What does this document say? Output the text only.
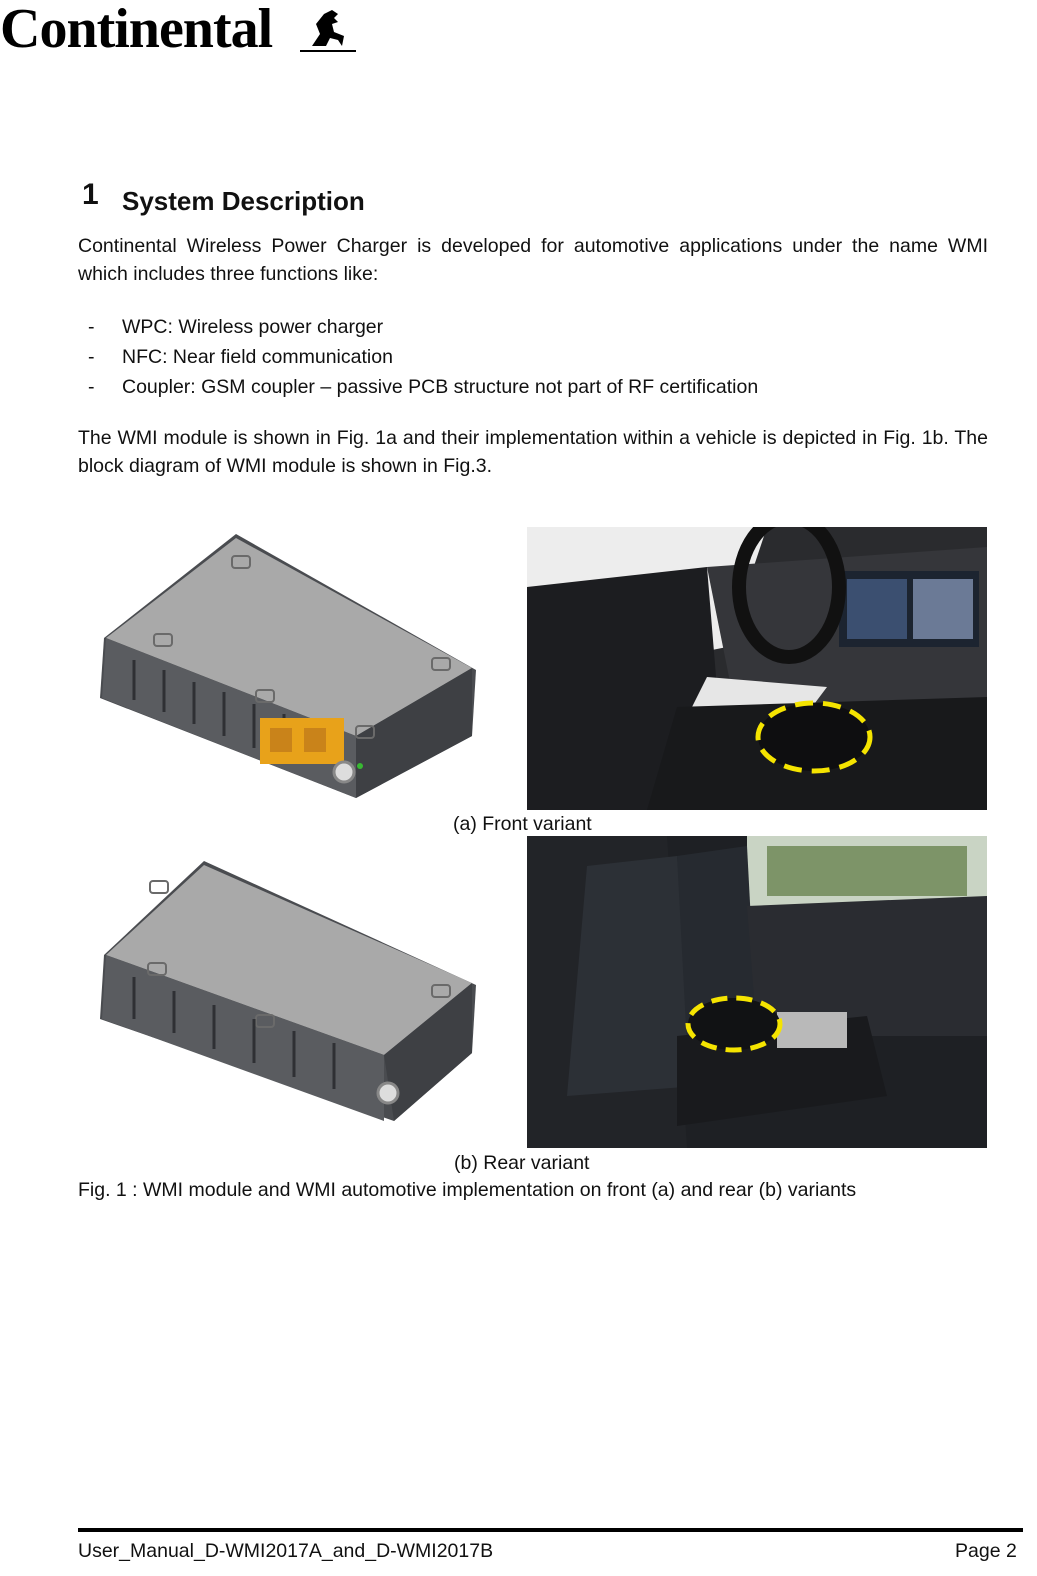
Continental
1 System Description
Continental Wireless Power Charger is developed for automotive applications under the name WMI which includes three functions like:
- WPC: Wireless power charger
- NFC: Near field communication
- Coupler: GSM coupler – passive PCB structure not part of RF certification
The WMI module is shown in Fig. 1a and their implementation within a vehicle is depicted in Fig. 1b. The block diagram of WMI module is shown in Fig.3.
(a) Front variant
(b) Rear variant
Fig. 1 : WMI module and WMI automotive implementation on front (a) and rear (b) variants
User_Manual_D-WMI2017A_and_D-WMI2017B	Page 2
